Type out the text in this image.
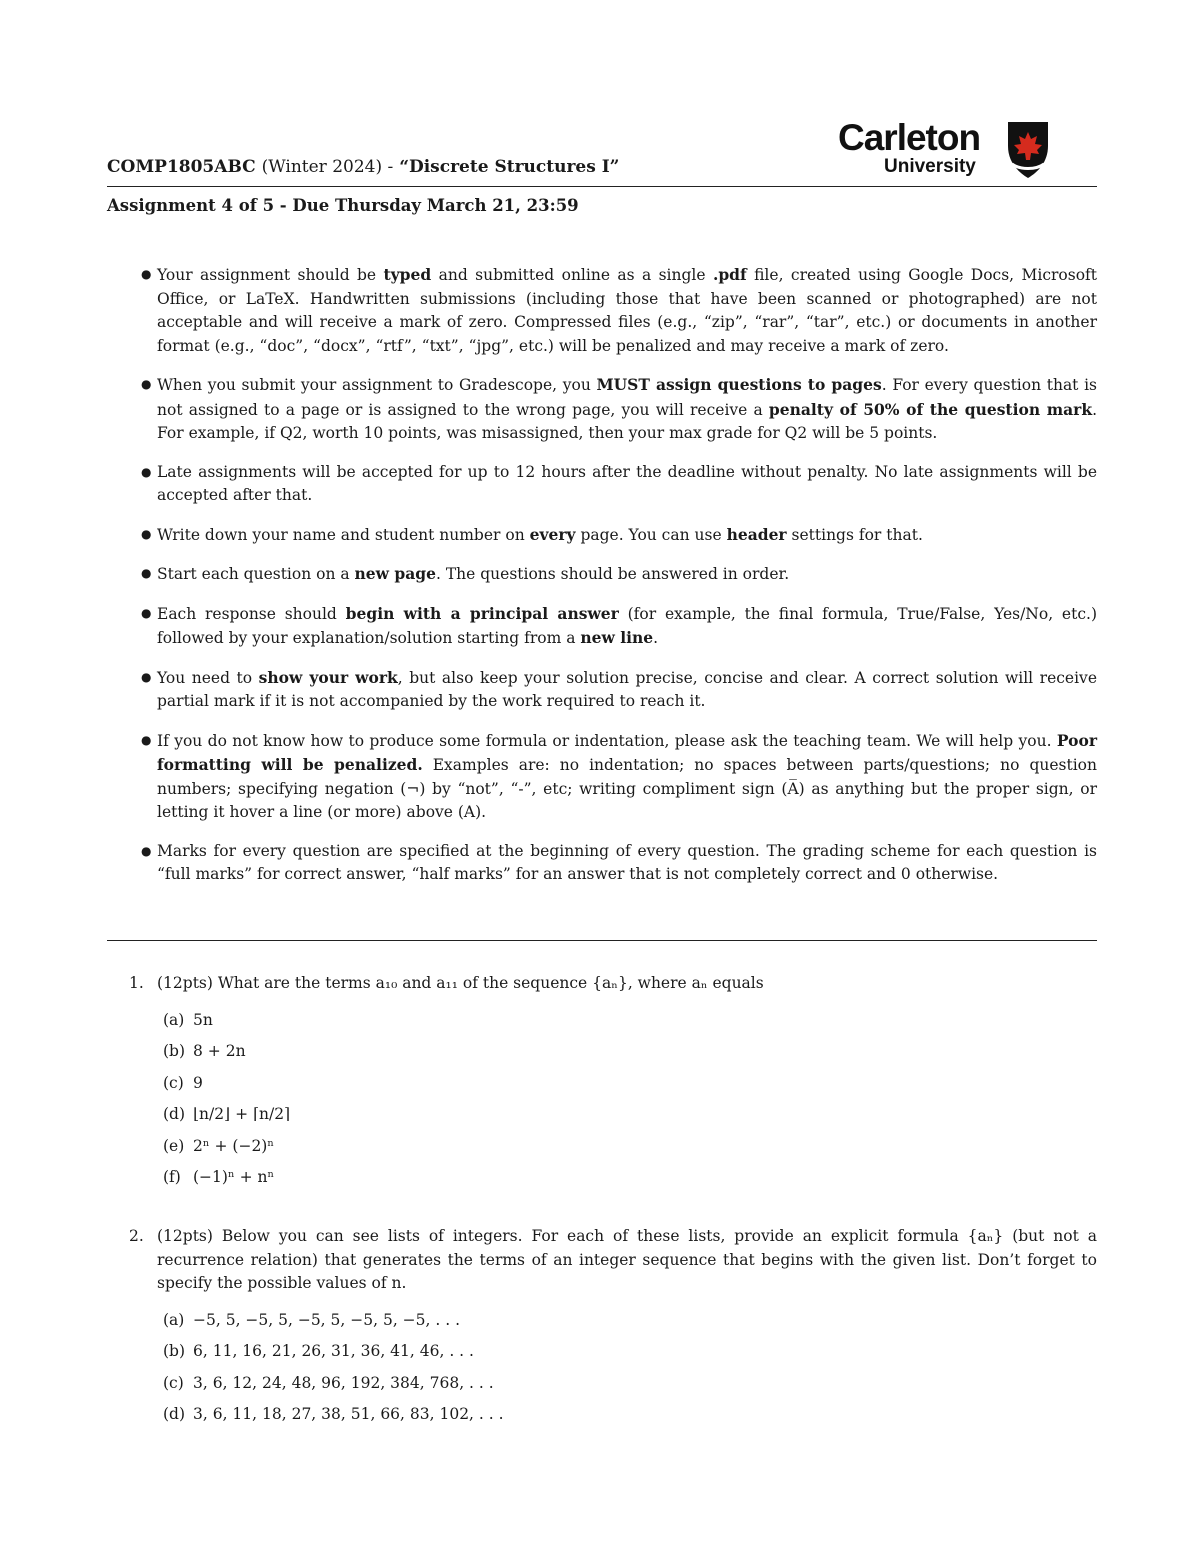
COMP1805ABC (Winter 2024) - “Discrete Structures I”
Carleton
University
Assignment 4 of 5 - Due Thursday March 21, 23:59
● Your assignment should be typed and submitted online as a single .pdf file, created using Google Docs, Microsoft Office, or LaTeX. Handwritten submissions (including those that have been scanned or photographed) are not acceptable and will receive a mark of zero. Compressed files (e.g., “zip”, “rar”, “tar”, etc.) or documents in another format (e.g., “doc”, “docx”, “rtf”, “txt”, “jpg”, etc.) will be penalized and may receive a mark of zero.
● When you submit your assignment to Gradescope, you MUST assign questions to pages. For every question that is not assigned to a page or is assigned to the wrong page, you will receive a penalty of 50% of the question mark. For example, if Q2, worth 10 points, was misassigned, then your max grade for Q2 will be 5 points.
● Late assignments will be accepted for up to 12 hours after the deadline without penalty. No late assignments will be accepted after that.
● Write down your name and student number on every page. You can use header settings for that.
● Start each question on a new page. The questions should be answered in order.
● Each response should begin with a principal answer (for example, the final formula, True/False, Yes/No, etc.) followed by your explanation/solution starting from a new line.
● You need to show your work, but also keep your solution precise, concise and clear. A correct solution will receive partial mark if it is not accompanied by the work required to reach it.
● If you do not know how to produce some formula or indentation, please ask the teaching team. We will help you. Poor formatting will be penalized. Examples are: no indentation; no spaces between parts/questions; no question numbers; specifying negation (¬) by “not”, “-”, etc; writing compliment sign (A̅) as anything but the proper sign, or letting it hover a line (or more) above (A).
● Marks for every question are specified at the beginning of every question. The grading scheme for each question is “full marks” for correct answer, “half marks” for an answer that is not completely correct and 0 otherwise.
1. (12pts) What are the terms a₁₀ and a₁₁ of the sequence {aₙ}, where aₙ equals
(a) 5n
(b) 8 + 2n
(c) 9
(d) ⌊n/2⌋ + ⌈n/2⌉
(e) 2ⁿ + (−2)ⁿ
(f) (−1)ⁿ + nⁿ
2. (12pts) Below you can see lists of integers. For each of these lists, provide an explicit formula {aₙ} (but not a recurrence relation) that generates the terms of an integer sequence that begins with the given list. Don’t forget to specify the possible values of n.
(a) −5, 5, −5, 5, −5, 5, −5, 5, −5, . . .
(b) 6, 11, 16, 21, 26, 31, 36, 41, 46, . . .
(c) 3, 6, 12, 24, 48, 96, 192, 384, 768, . . .
(d) 3, 6, 11, 18, 27, 38, 51, 66, 83, 102, . . .
